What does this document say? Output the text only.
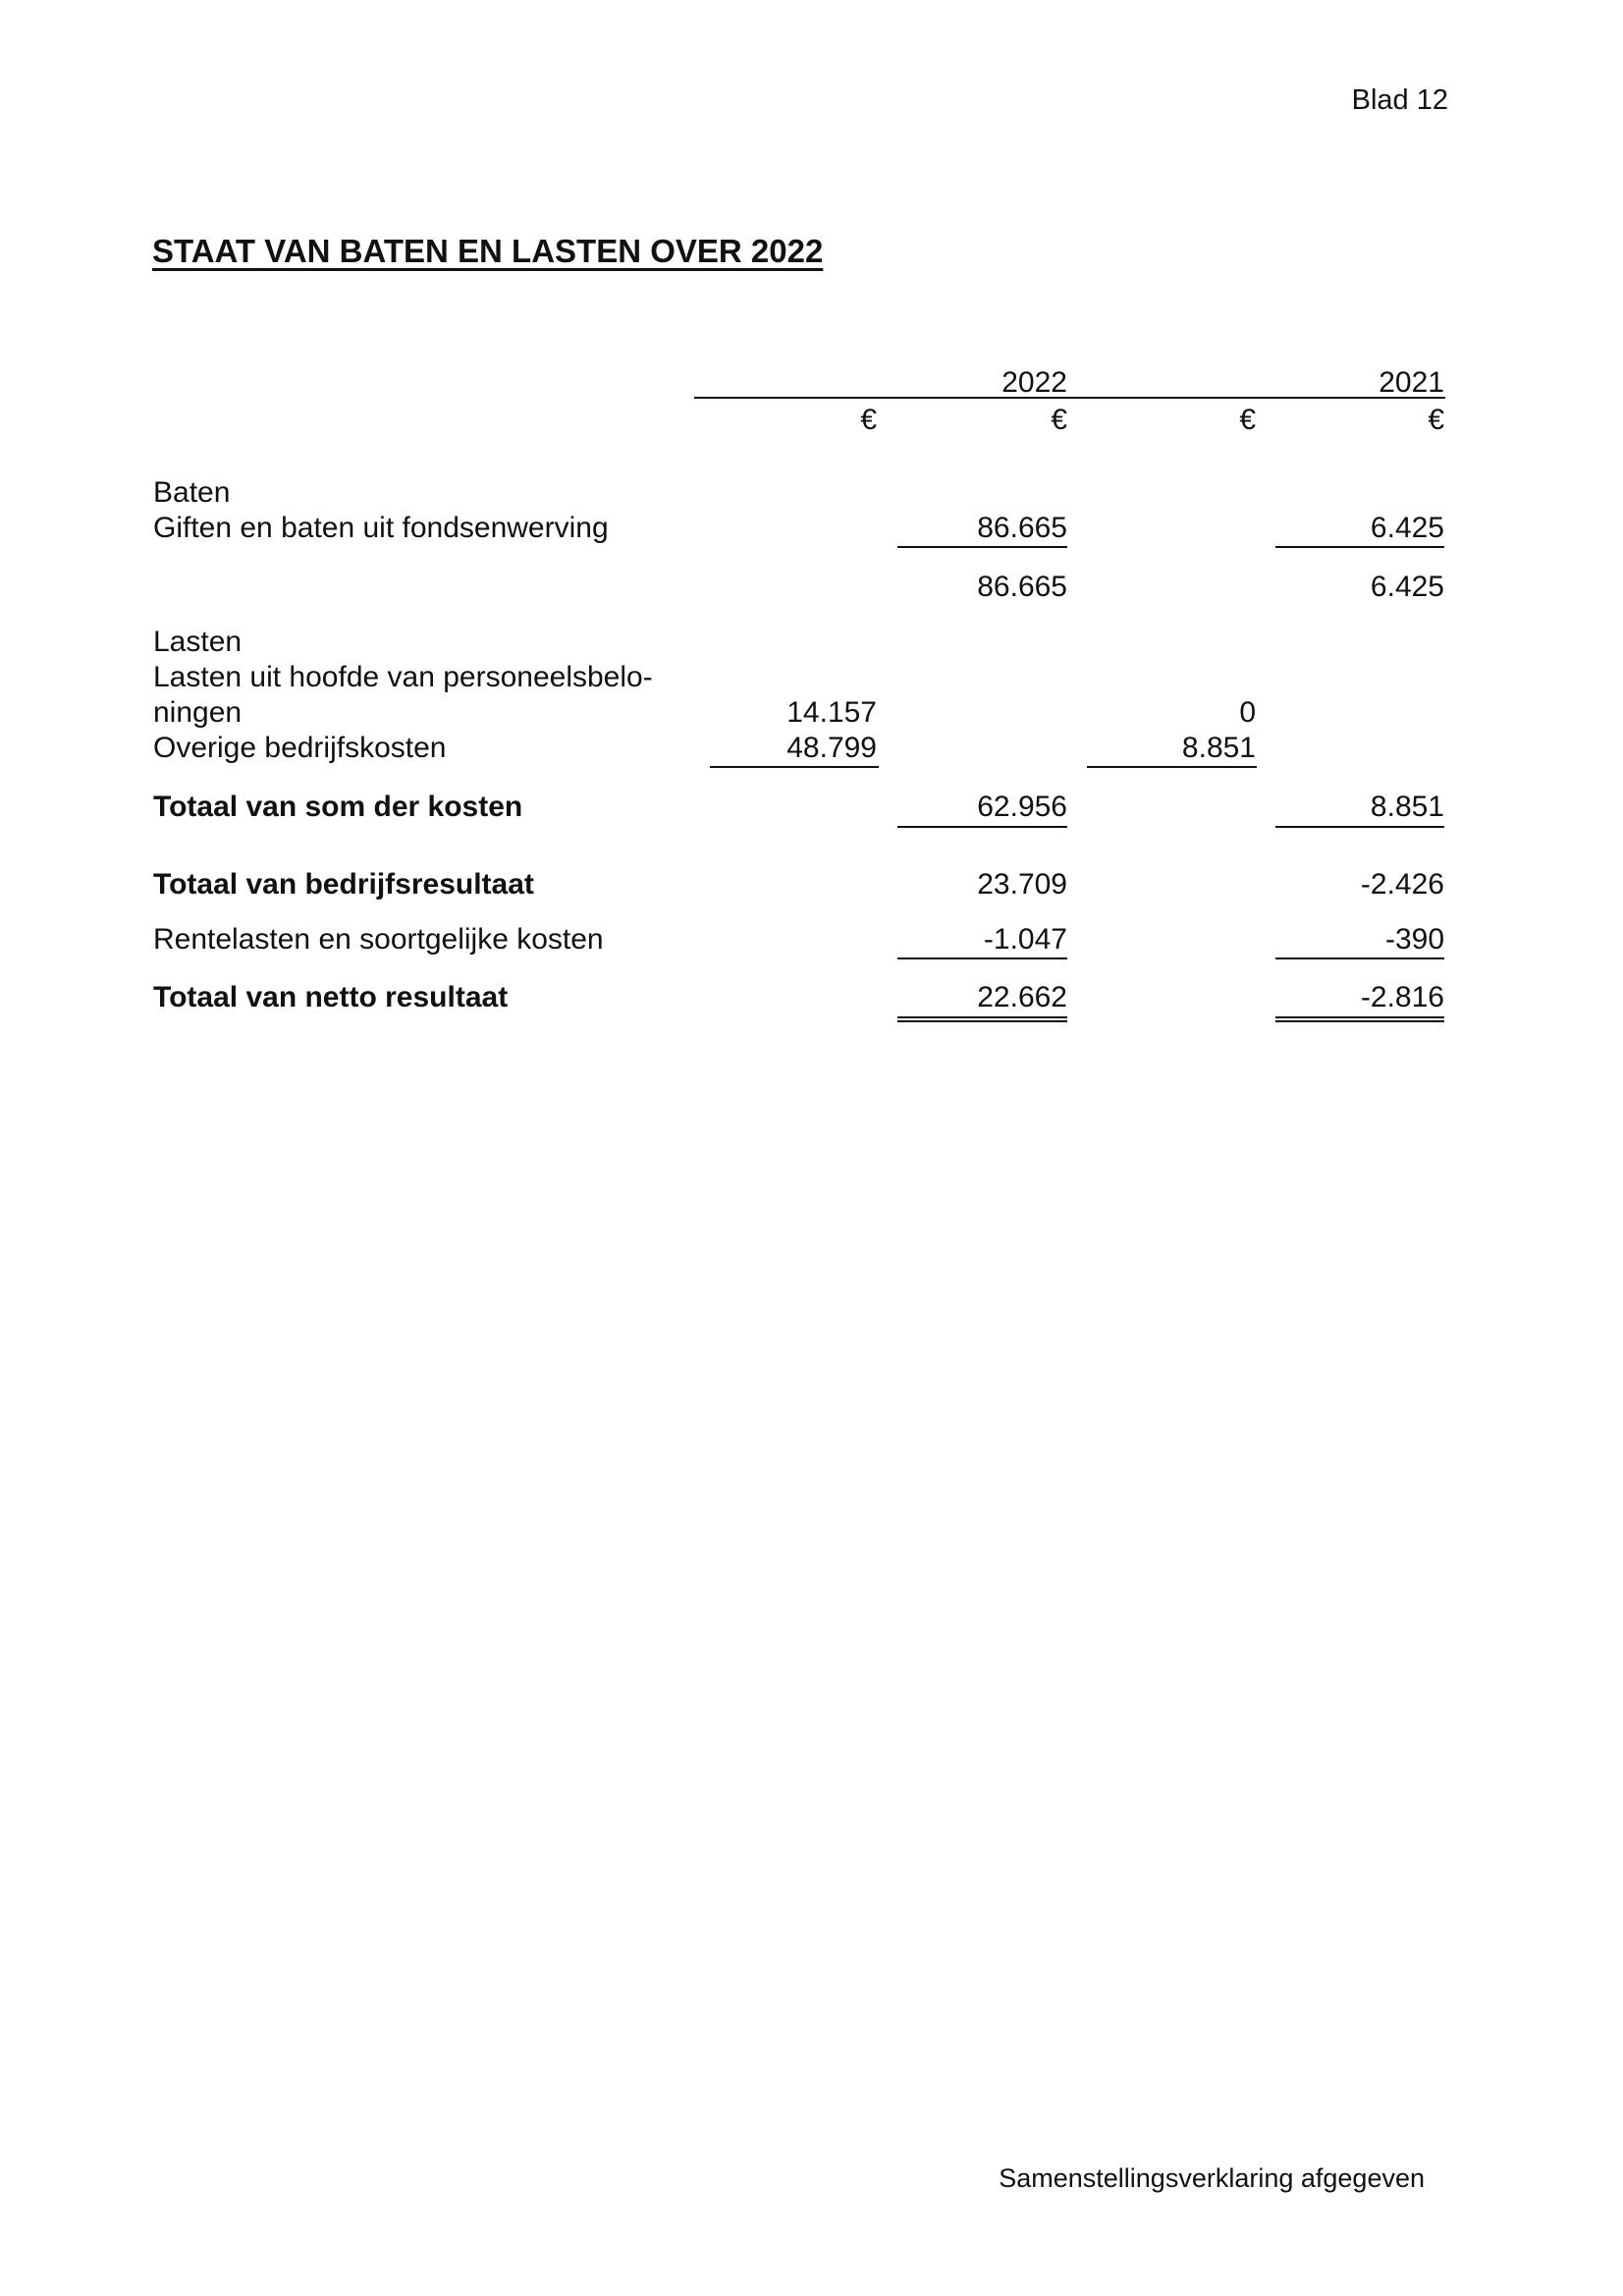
Blad 12
STAAT VAN BATEN EN LASTEN OVER 2022
2022	2021
€	€	€	€
Baten
Giften en baten uit fondsenwerving	86.665	6.425
86.665	6.425
Lasten
Lasten uit hoofde van personeelsbelo-
ningen	14.157	0
Overige bedrijfskosten	48.799	8.851
Totaal van som der kosten	62.956	8.851
Totaal van bedrijfsresultaat	23.709	-2.426
Rentelasten en soortgelijke kosten	-1.047	-390
Totaal van netto resultaat	22.662	-2.816
Samenstellingsverklaring afgegeven
